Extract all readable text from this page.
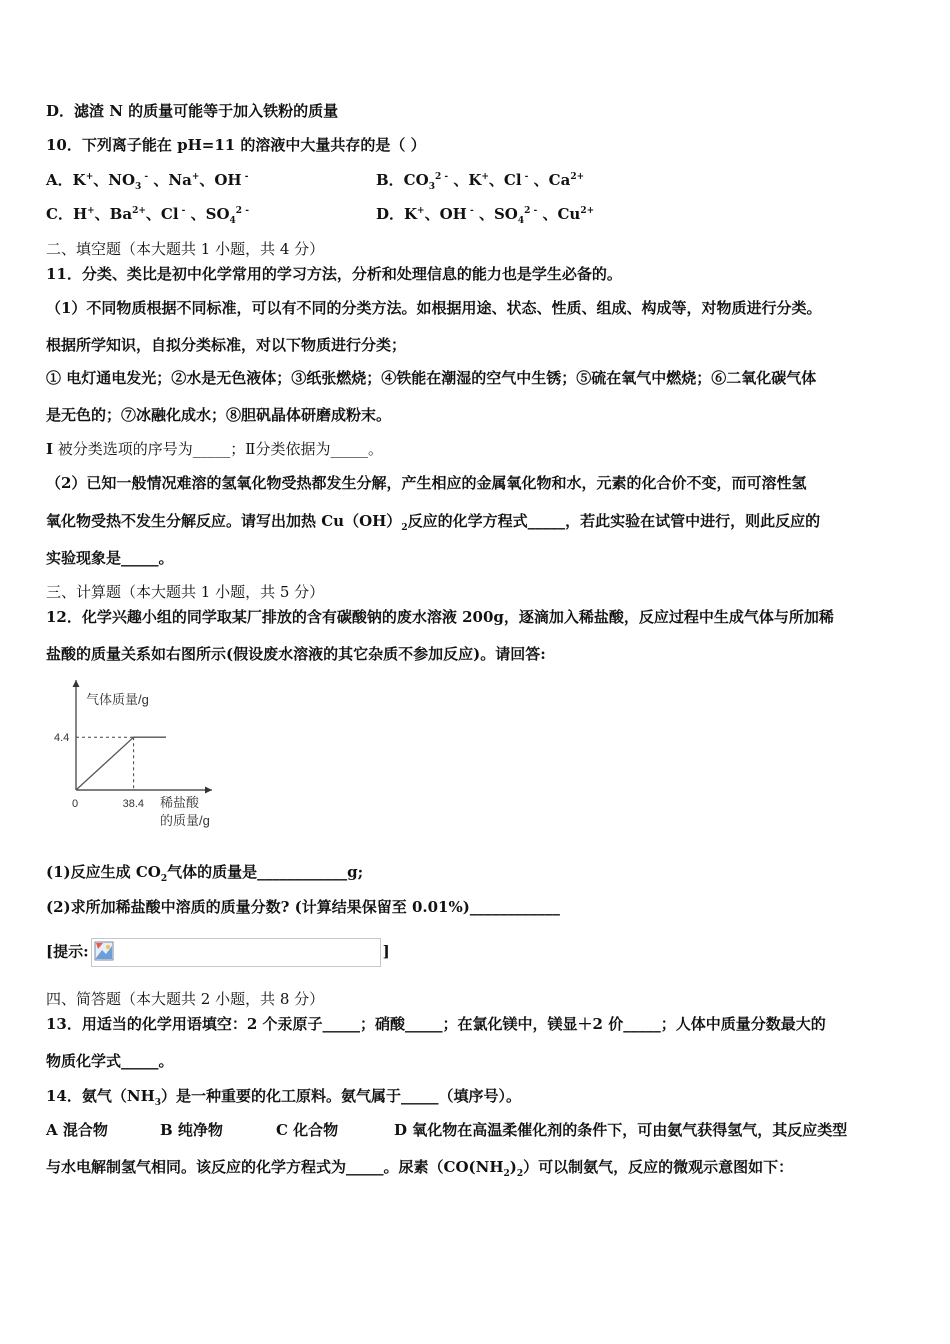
D．滤渣 N 的质量可能等于加入铁粉的质量
10．下列离子能在 pH=11 的溶液中大量共存的是（ ）
A．K+、$NO_3$ - 、Na+、OH -	B．$CO_3^{2 -}$ 、K+、Cl - 、$Ca^{2+}$
C．H+、$Ba^{2+}$、Cl - 、$SO_4^{2 -}$	D．K+、OH - 、$SO_4^{2 -}$ 、$Cu^{2+}$
二、填空题（本大题共 1 小题，共 4 分）
11．分类、类比是初中化学常用的学习方法，分析和处理信息的能力也是学生必备的。
（1）不同物质根据不同标准，可以有不同的分类方法。如根据用途、状态、性质、组成、构成等，对物质进行分类。
根据所学知识，自拟分类标准，对以下物质进行分类；
① 电灯通电发光；②水是无色液体；③纸张燃烧；④铁能在潮湿的空气中生锈；⑤硫在氧气中燃烧；⑥二氧化碳气体
是无色的；⑦冰融化成水；⑧胆矾晶体研磨成粉末。
I 被分类选项的序号为_____；Ⅱ分类依据为_____。
（2）已知一般情况难溶的氢氧化物受热都发生分解，产生相应的金属氧化物和水，元素的化合价不变，而可溶性氢
氧化物受热不发生分解反应。请写出加热 $Cu(OH)_2$反应的化学方程式_____，若此实验在试管中进行，则此反应的
实验现象是_____。
三、计算题（本大题共 1 小题，共 5 分）
12．化学兴趣小组的同学取某厂排放的含有碳酸钠的废水溶液 200g，逐滴加入稀盐酸，反应过程中生成气体与所加稀
盐酸的质量关系如右图所示(假设废水溶液的其它杂质不参加反应)。请回答:
气体质量/g
4.4
0	38.4 稀盐酸
的质量/g
(1)反应生成 $CO_2$气体的质量是____________g;
(2)求所加稀盐酸中溶质的质量分数? (计算结果保留至 0.01%)____________
[提示:	]
四、简答题（本大题共 2 小题，共 8 分）
13．用适当的化学用语填空：2 个汞原子_____；硝酸_____；在氯化镁中，镁显＋2 价_____；人体中质量分数最大的
物质化学式_____。
14．氨气$(NH_3)$是一种重要的化工原料。氨气属于_____（填序号）。
A 混合物	B 纯净物	C 化合物	D 氧化物在高温柔催化剂的条件下，可由氨气获得氢气，其反应类型
与水电解制氢气相同。该反应的化学方程式为_____。尿素$(CO(NH_2)_2)$可以制氨气，反应的微观示意图如下：
